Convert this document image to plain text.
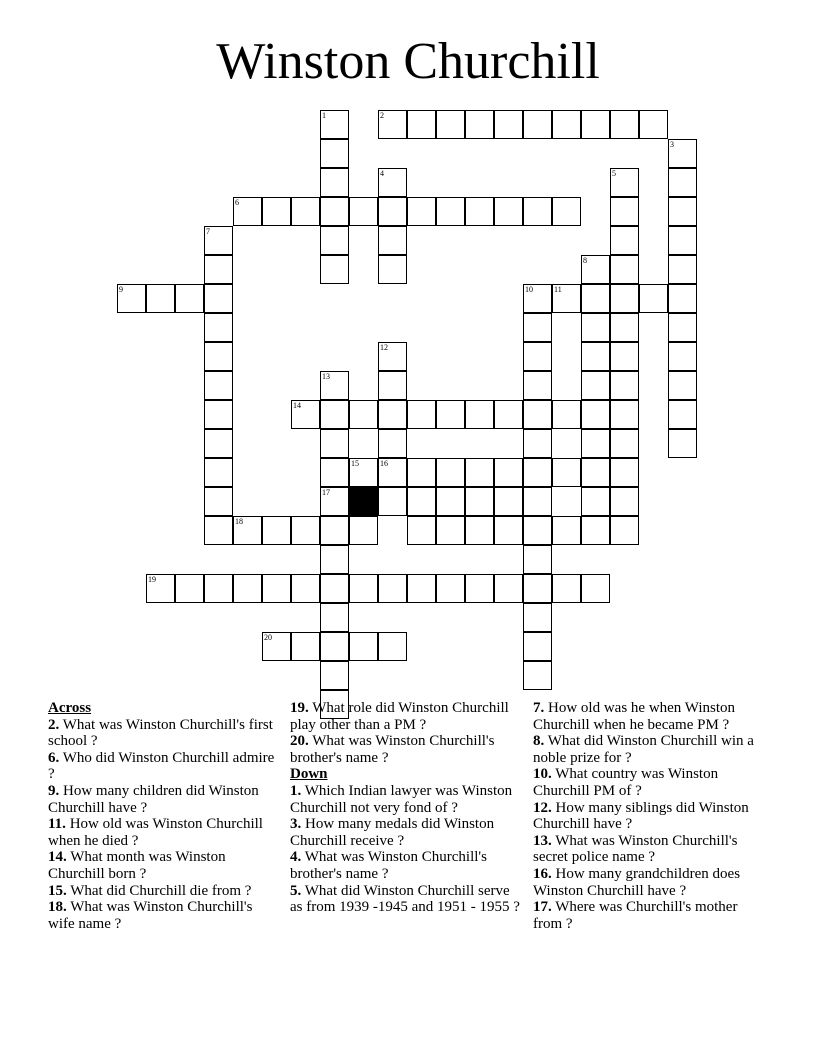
Winston Churchill
1	2
3
4	5
6
7
8
9	10	11
12
16
13
17
14
15
18
19
20

Across

2. What was Winston Churchill's first school ?

6. Who did Winston Churchill admire ?

9. How many children did Winston Churchill have ?

11. How old was Winston Churchill when he died ?

14. What month was Winston Churchill born ?

15. What did Churchill die from ?

18. What was Winston Churchill's wife name ?

19. What role did Winston Churchill play other than a PM ?

20. What was Winston Churchill's brother's name ?

Down

1. Which Indian lawyer was Winston Churchill not very fond of ?

3. How many medals did Winston Churchill receive ?

4. What was Winston Churchill's brother's name ?

5. What did Winston Churchill serve as from 1939 -1945 and 1951 - 1955 ?

7. How old was he when Winston Churchill when he became PM ?

8. What did Winston Churchill win a noble prize for ?

10. What country was Winston Churchill PM of ?

12. How many siblings did Winston Churchill have ?

13. What was Winston Churchill's secret police name ?

16. How many grandchildren does Winston Churchill have ?

17. Where was Churchill's mother from ?
